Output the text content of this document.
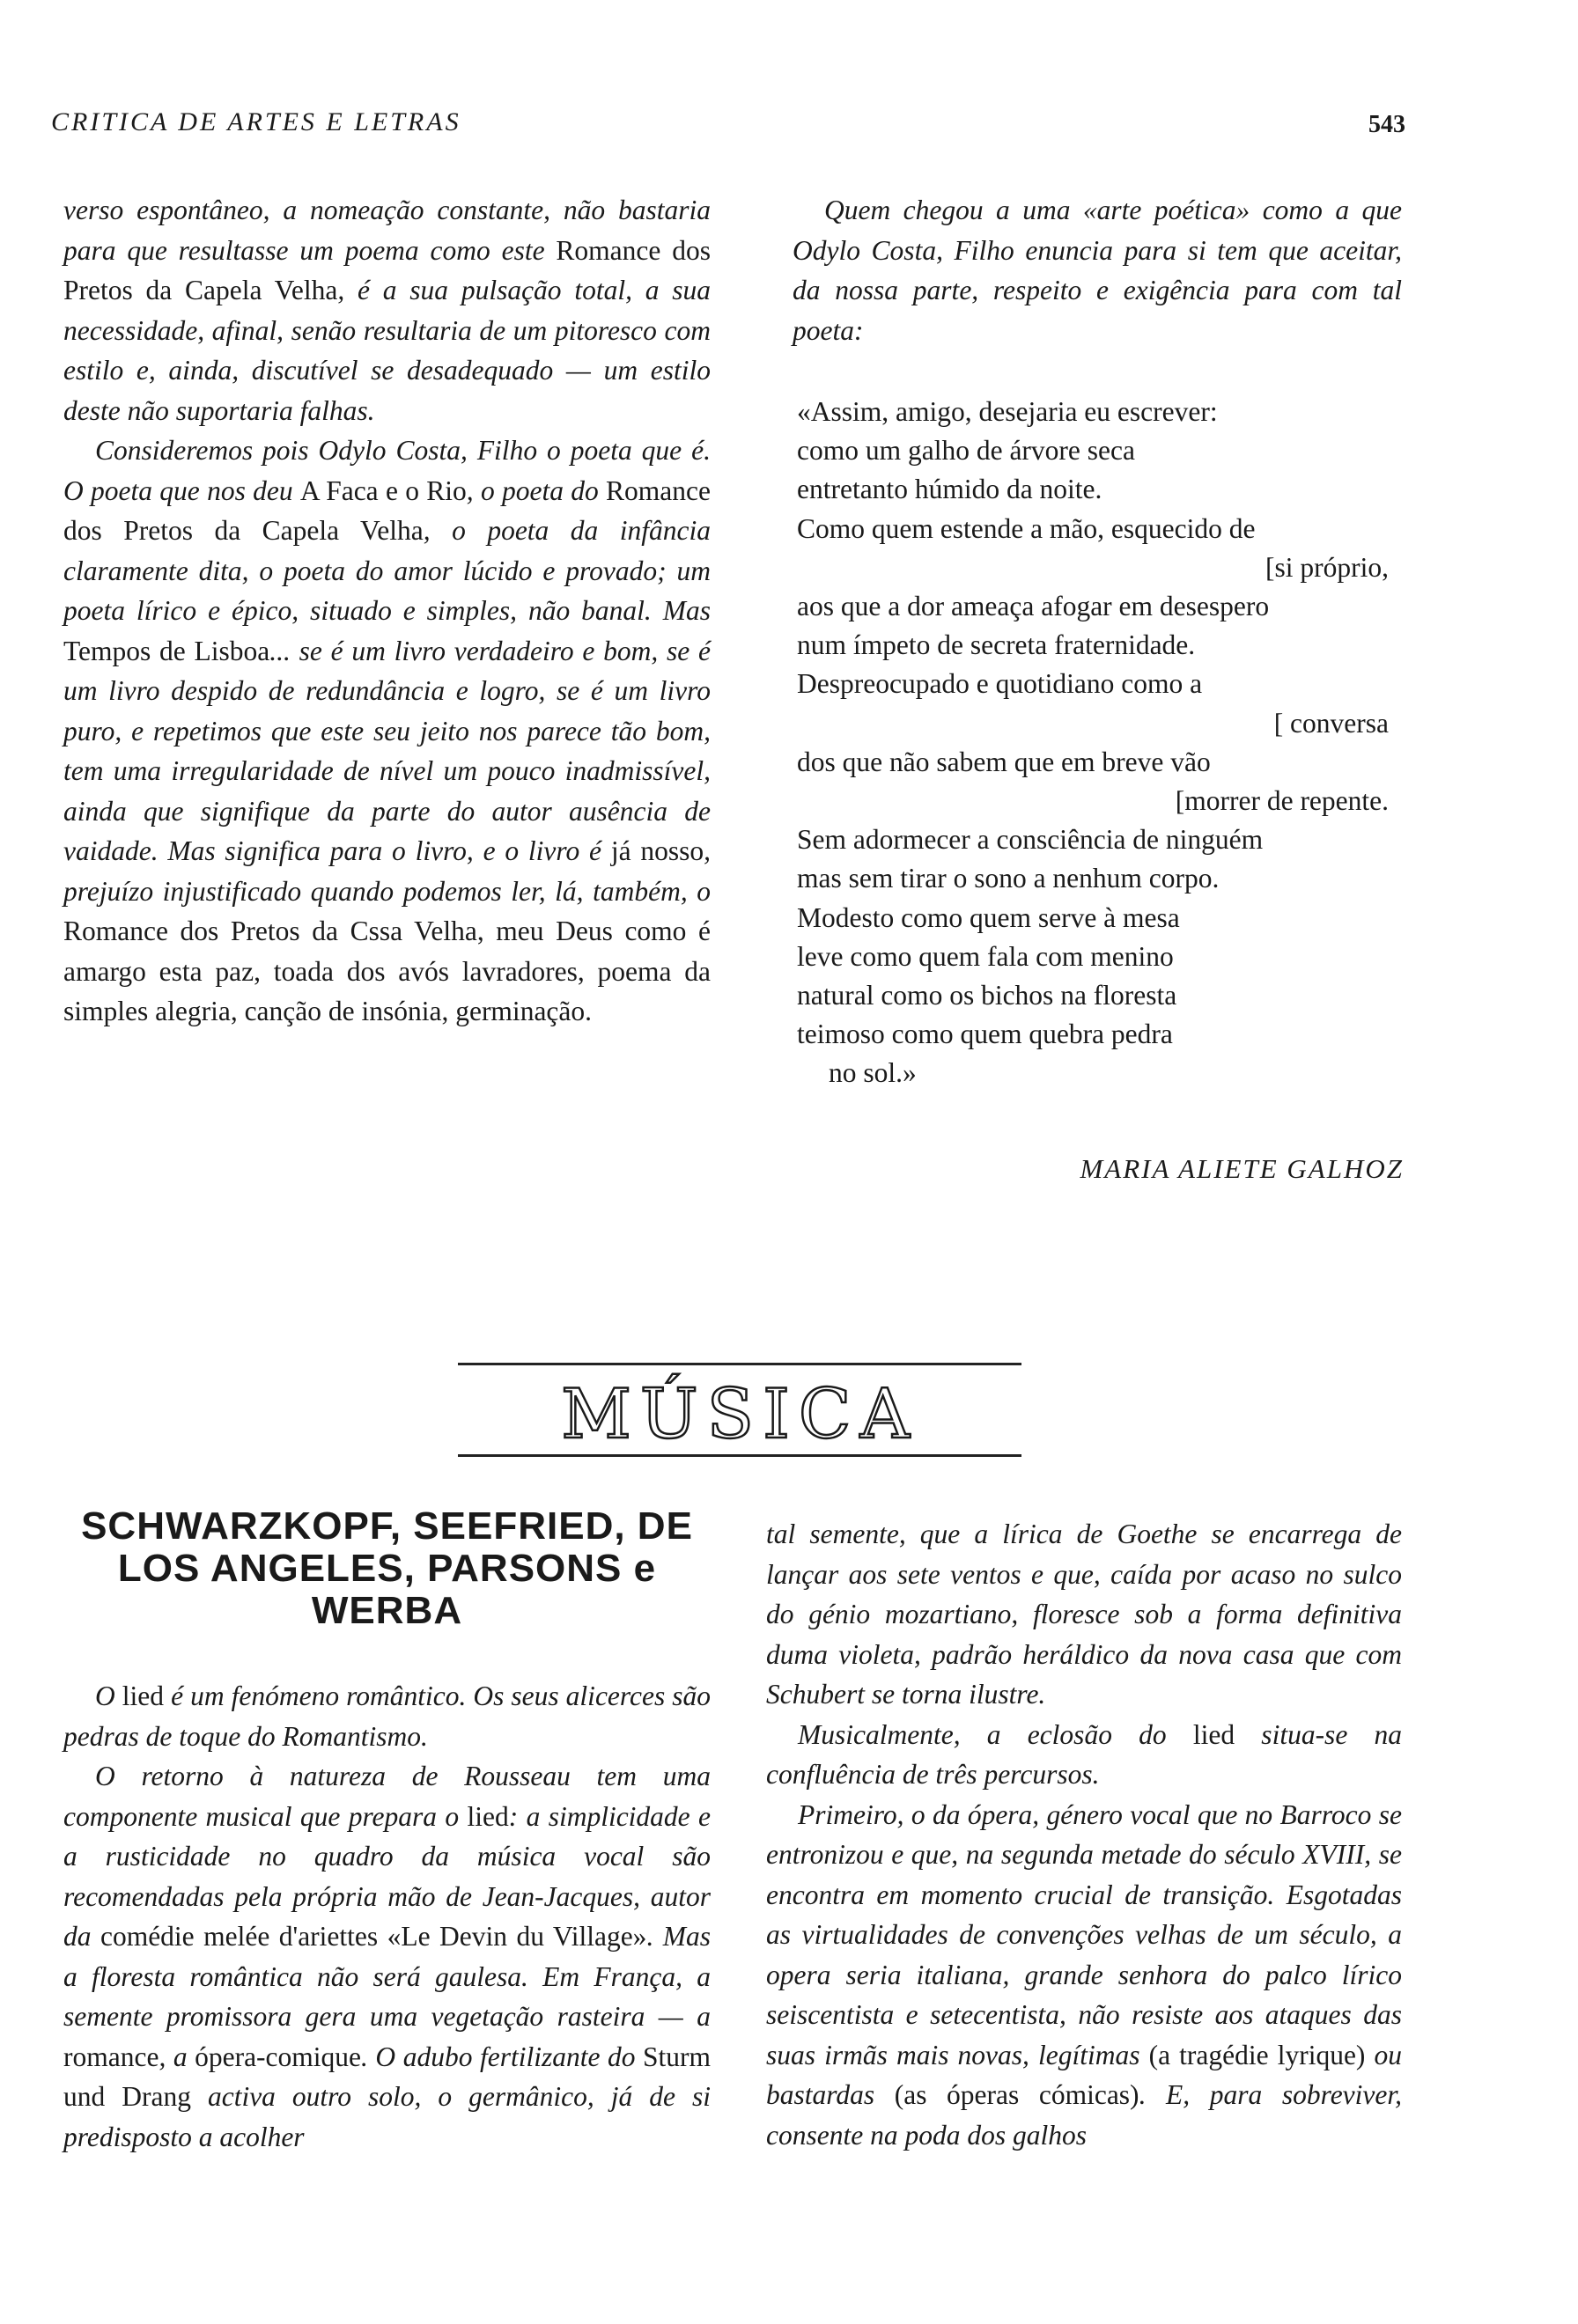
CRITICA DE ARTES E LETRAS	543

verso espontâneo, a nomeação constante, não bastaria para que resultasse um poema como este Romance dos Pretos da Capela Velha, é a sua pulsação total, a sua necessidade, afinal, senão resultaria de um pitoresco com estilo e, ainda, discutível se desadequado — um estilo deste não suportaria falhas.

Consideremos pois Odylo Costa, Filho o poeta que é. O poeta que nos deu A Faca e o Rio, o poeta do Romance dos Pretos da Capela Velha, o poeta da infância claramente dita, o poeta do amor lúcido e provado; um poeta lírico e épico, situado e simples, não banal. Mas Tempos de Lisboa... se é um livro verdadeiro e bom, se é um livro despido de redundância e logro, se é um livro puro, e repetimos que este seu jeito nos parece tão bom, tem uma irregularidade de nível um pouco inadmissível, ainda que signifique da parte do autor ausência de vaidade. Mas significa para o livro, e o livro é já nosso, prejuízo injustificado quando podemos ler, lá, também, o Romance dos Pretos da Cssa Velha, meu Deus como é amargo esta paz, toada dos avós lavradores, poema da simples alegria, canção de insónia, germinação.

Quem chegou a uma «arte poética» como a que Odylo Costa, Filho enuncia para si tem que aceitar, da nossa parte, respeito e exigência para com tal poeta:

«Assim, amigo, desejaria eu escrever:
como um galho de árvore seca
entretanto húmido da noite.
Como quem estende a mão, esquecido de
[si próprio,
aos que a dor ameaça afogar em desespero
num ímpeto de secreta fraternidade.
Despreocupado e quotidiano como a
[ conversa
dos que não sabem que em breve vão
[morrer de repente.
Sem adormecer a consciência de ninguém
mas sem tirar o sono a nenhum corpo.
Modesto como quem serve à mesa
leve como quem fala com menino
natural como os bichos na floresta
teimoso como quem quebra pedra
no sol.»
MARIA ALIETE GALHOZ
MÚSICA
SCHWARZKOPF, SEEFRIED, DE LOS ANGELES, PARSONS e WERBA

O lied é um fenómeno romântico. Os seus alicerces são pedras de toque do Romantismo.

O retorno à natureza de Rousseau tem uma componente musical que prepara o lied: a simplicidade e a rusticidade no quadro da música vocal são recomendadas pela própria mão de Jean-Jacques, autor da comédie melée d'ariettes «Le Devin du Village». Mas a floresta romântica não será gaulesa. Em França, a semente promissora gera uma vegetação rasteira — a romance, a ópera-comique. O adubo fertilizante do Sturm und Drang activa outro solo, o germânico, já de si predisposto a acolher

tal semente, que a lírica de Goethe se encarrega de lançar aos sete ventos e que, caída por acaso no sulco do génio mozartiano, floresce sob a forma definitiva duma violeta, padrão heráldico da nova casa que com Schubert se torna ilustre.

Musicalmente, a eclosão do lied situa-se na confluência de três percursos.

Primeiro, o da ópera, género vocal que no Barroco se entronizou e que, na segunda metade do século XVIII, se encontra em momento crucial de transição. Esgotadas as virtualidades de convenções velhas de um século, a opera seria italiana, grande senhora do palco lírico seiscentista e setecentista, não resiste aos ataques das suas irmãs mais novas, legítimas (a tragédie lyrique) ou bastardas (as óperas cómicas). E, para sobreviver, consente na poda dos galhos
